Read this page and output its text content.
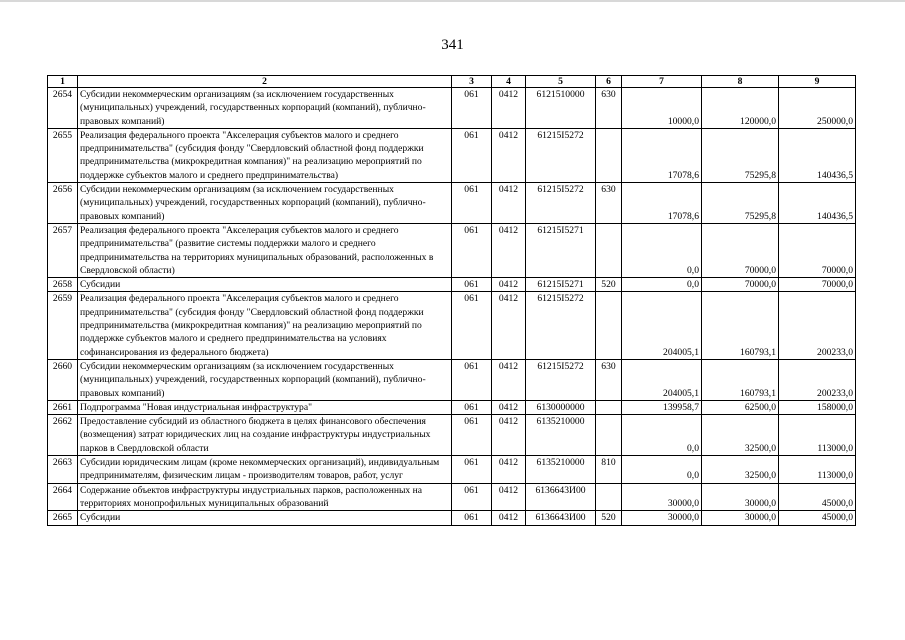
341
1	2	3	4	5	6	7	8	9
2654	Субсидии некоммерческим организациям (за исключением государственных (муниципальных) учреждений, государственных корпораций (компаний), публично-правовых компаний)	061	0412	6121510000	630	10000,0	120000,0	250000,0
2655	Реализация федерального проекта "Акселерация субъектов малого и среднего предпринимательства" (субсидия фонду "Свердловский областной фонд поддержки предпринимательства (микрокредитная компания)" на реализацию мероприятий по поддержке субъектов малого и среднего предпринимательства)	061	0412	61215I5272		17078,6	75295,8	140436,5
2656	Субсидии некоммерческим организациям (за исключением государственных (муниципальных) учреждений, государственных корпораций (компаний), публично-правовых компаний)	061	0412	61215I5272	630	17078,6	75295,8	140436,5
2657	Реализация федерального проекта "Акселерация субъектов малого и среднего предпринимательства" (развитие системы поддержки малого и среднего предпринимательства на территориях муниципальных образований, расположенных в Свердловской области)	061	0412	61215I5271		0,0	70000,0	70000,0
2658	Субсидии	061	0412	61215I5271	520	0,0	70000,0	70000,0
2659	Реализация федерального проекта "Акселерация субъектов малого и среднего предпринимательства" (субсидия фонду "Свердловский областной фонд поддержки предпринимательства (микрокредитная компания)" на реализацию мероприятий по поддержке субъектов малого и среднего предпринимательства на условиях софинансирования из федерального бюджета)	061	0412	61215I5272		204005,1	160793,1	200233,0
2660	Субсидии некоммерческим организациям (за исключением государственных (муниципальных) учреждений, государственных корпораций (компаний), публично-правовых компаний)	061	0412	61215I5272	630	204005,1	160793,1	200233,0
2661	Подпрограмма "Новая индустриальная инфраструктура"	061	0412	6130000000		139958,7	62500,0	158000,0
2662	Предоставление субсидий из областного бюджета в целях финансового обеспечения (возмещения) затрат юридических лиц на создание инфраструктуры индустриальных парков в Свердловской области	061	0412	6135210000		0,0	32500,0	113000,0
2663	Субсидии юридическим лицам (кроме некоммерческих организаций), индивидуальным предпринимателям, физическим лицам - производителям товаров, работ, услуг	061	0412	6135210000	810	0,0	32500,0	113000,0
2664	Содержание объектов инфраструктуры индустриальных парков, расположенных на территориях монопрофильных муниципальных образований	061	0412	6136643И00		30000,0	30000,0	45000,0
2665	Субсидии	061	0412	6136643И00	520	30000,0	30000,0	45000,0
